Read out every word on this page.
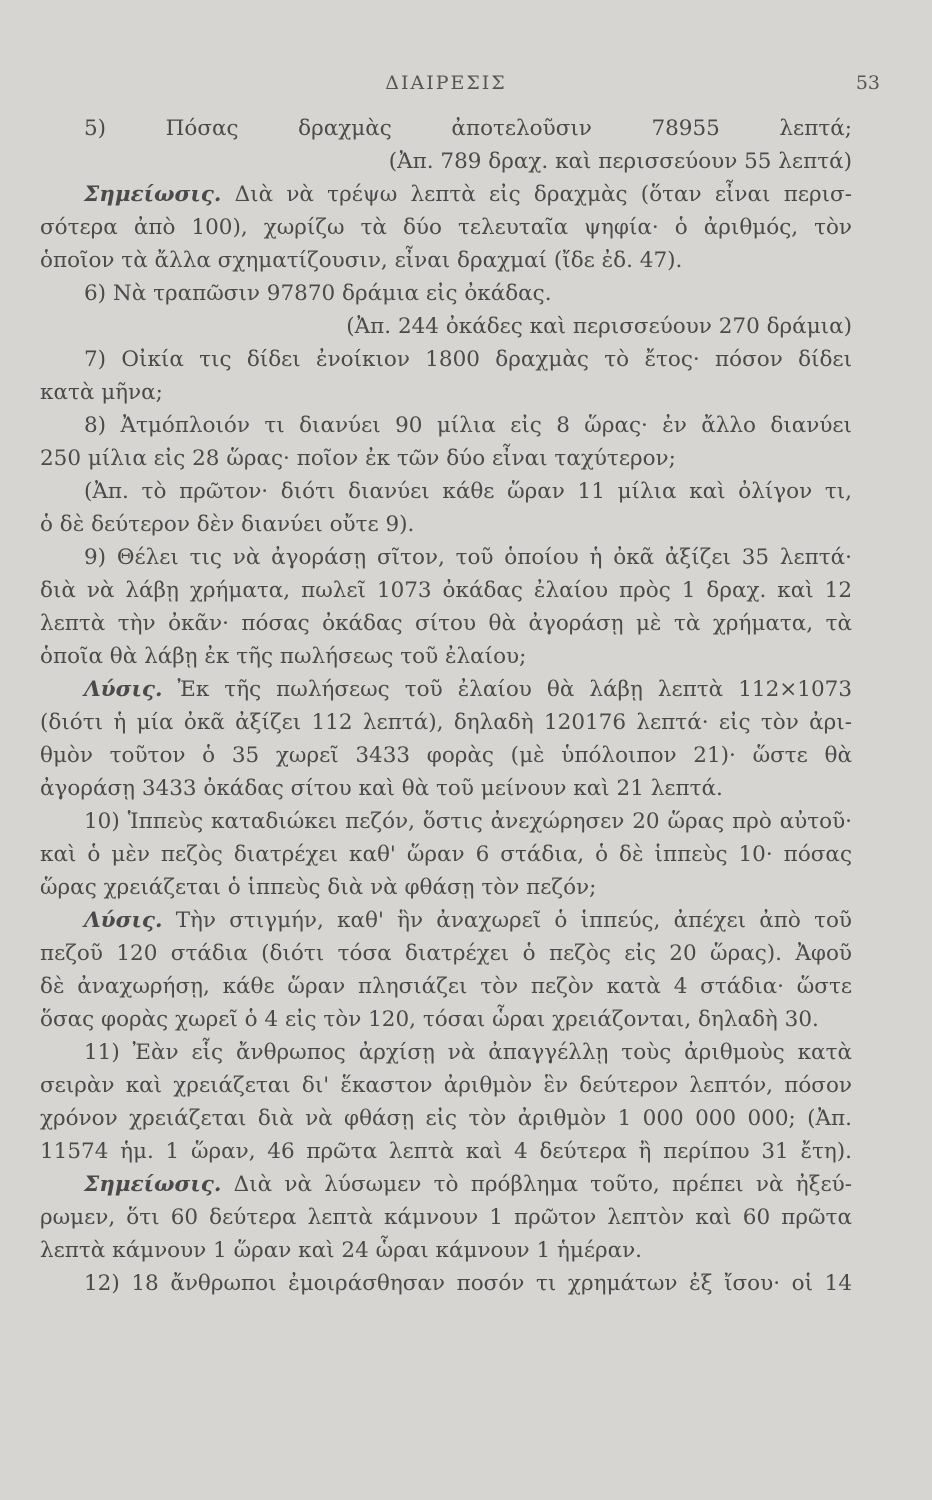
ΔΙΑΙΡΕΣΙΣ	53
5) Πόσας δραχμὰς ἀποτελοῦσιν 78955 λεπτά;
(Ἀπ. 789 δραχ. καὶ περισσεύουν 55 λεπτά)
Σημείωσις. Διὰ νὰ τρέψω λεπτὰ εἰς δραχμὰς (ὅταν εἶναι περισ-
σότερα ἀπὸ 100), χωρίζω τὰ δύο τελευταῖα ψηφία· ὁ ἀριθμός, τὸν
ὁποῖον τὰ ἄλλα σχηματίζουσιν, εἶναι δραχμαί (ἴδε ἐδ. 47).
6) Νὰ τραπῶσιν 97870 δράμια εἰς ὀκάδας.
(Ἀπ. 244 ὀκάδες καὶ περισσεύουν 270 δράμια)
7) Οἰκία τις δίδει ἐνοίκιον 1800 δραχμὰς τὸ ἔτος· πόσον δίδει
κατὰ μῆνα;
8) Ἀτμόπλοιόν τι διανύει 90 μίλια εἰς 8 ὥρας· ἐν ἄλλο διανύει
250 μίλια εἰς 28 ὥρας· ποῖον ἐκ τῶν δύο εἶναι ταχύτερον;
(Ἀπ. τὸ πρῶτον· διότι διανύει κάθε ὥραν 11 μίλια καὶ ὀλίγον τι,
ὁ δὲ δεύτερον δὲν διανύει οὔτε 9).
9) Θέλει τις νὰ ἀγοράσῃ σῖτον, τοῦ ὁποίου ἡ ὀκᾶ ἀξίζει 35 λεπτά·
διὰ νὰ λάβῃ χρήματα, πωλεῖ 1073 ὀκάδας ἐλαίου πρὸς 1 δραχ. καὶ 12
λεπτὰ τὴν ὀκᾶν· πόσας ὀκάδας σίτου θὰ ἀγοράσῃ μὲ τὰ χρήματα, τὰ
ὁποῖα θὰ λάβῃ ἐκ τῆς πωλήσεως τοῦ ἐλαίου;
Λύσις. Ἐκ τῆς πωλήσεως τοῦ ἐλαίου θὰ λάβῃ λεπτὰ 112×1073
(διότι ἡ μία ὀκᾶ ἀξίζει 112 λεπτά), δηλαδὴ 120176 λεπτά· εἰς τὸν ἀρι-
θμὸν τοῦτον ὁ 35 χωρεῖ 3433 φορὰς (μὲ ὑπόλοιπον 21)· ὥστε θὰ
ἀγοράσῃ 3433 ὀκάδας σίτου καὶ θὰ τοῦ μείνουν καὶ 21 λεπτά.
10) Ἱππεὺς καταδιώκει πεζόν, ὅστις ἀνεχώρησεν 20 ὥρας πρὸ αὐτοῦ·
καὶ ὁ μὲν πεζὸς διατρέχει καθ' ὥραν 6 στάδια, ὁ δὲ ἱππεὺς 10· πόσας
ὥρας χρειάζεται ὁ ἱππεὺς διὰ νὰ φθάσῃ τὸν πεζόν;
Λύσις. Τὴν στιγμήν, καθ' ἣν ἀναχωρεῖ ὁ ἱππεύς, ἀπέχει ἀπὸ τοῦ
πεζοῦ 120 στάδια (διότι τόσα διατρέχει ὁ πεζὸς εἰς 20 ὥρας). Ἀφοῦ
δὲ ἀναχωρήσῃ, κάθε ὥραν πλησιάζει τὸν πεζὸν κατὰ 4 στάδια· ὥστε
ὅσας φορὰς χωρεῖ ὁ 4 εἰς τὸν 120, τόσαι ὧραι χρειάζονται, δηλαδὴ 30.
11) Ἐὰν εἷς ἄνθρωπος ἀρχίσῃ νὰ ἀπαγγέλλῃ τοὺς ἀριθμοὺς κατὰ
σειρὰν καὶ χρειάζεται δι' ἕκαστον ἀριθμὸν ἓν δεύτερον λεπτόν, πόσον
χρόνον χρειάζεται διὰ νὰ φθάσῃ εἰς τὸν ἀριθμὸν 1 000 000 000; (Ἀπ.
11574 ἡμ. 1 ὥραν, 46 πρῶτα λεπτὰ καὶ 4 δεύτερα ἢ περίπου 31 ἔτη).
Σημείωσις. Διὰ νὰ λύσωμεν τὸ πρόβλημα τοῦτο, πρέπει νὰ ἠξεύ-
ρωμεν, ὅτι 60 δεύτερα λεπτὰ κάμνουν 1 πρῶτον λεπτὸν καὶ 60 πρῶτα
λεπτὰ κάμνουν 1 ὥραν καὶ 24 ὧραι κάμνουν 1 ἡμέραν.
12) 18 ἄνθρωποι ἐμοιράσθησαν ποσόν τι χρημάτων ἐξ ἴσου· οἱ 14
